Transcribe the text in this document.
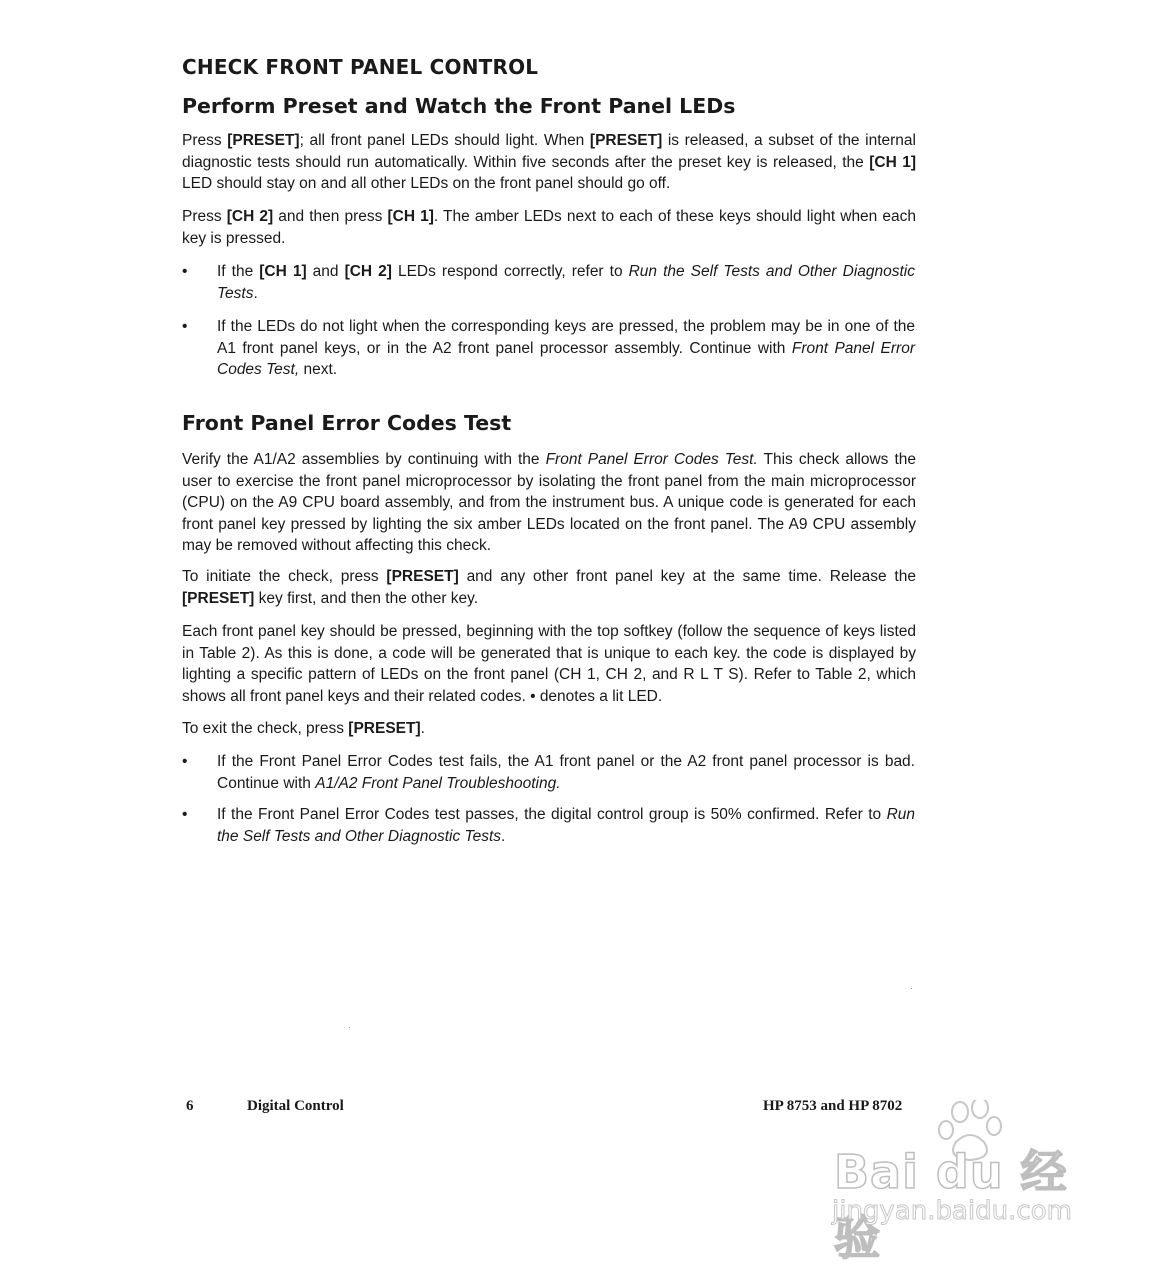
CHECK FRONT PANEL CONTROL
Perform Preset and Watch the Front Panel LEDs

Press [PRESET]; all front panel LEDs should light. When [PRESET] is released, a subset of the internal diagnostic tests should run automatically. Within five seconds after the preset key is released, the [CH 1] LED should stay on and all other LEDs on the front panel should go off.

Press [CH 2] and then press [CH 1]. The amber LEDs next to each of these keys should light when each key is pressed.

•	If the [CH 1] and [CH 2] LEDs respond correctly, refer to Run the Self Tests and Other Diagnostic Tests.
•	If the LEDs do not light when the corresponding keys are pressed, the problem may be in one of the A1 front panel keys, or in the A2 front panel processor assembly. Continue with Front Panel Error Codes Test, next.
Front Panel Error Codes Test

Verify the A1/A2 assemblies by continuing with the Front Panel Error Codes Test. This check allows the user to exercise the front panel microprocessor by isolating the front panel from the main microprocessor (CPU) on the A9 CPU board assembly, and from the instrument bus. A unique code is generated for each front panel key pressed by lighting the six amber LEDs located on the front panel. The A9 CPU assembly may be removed without affecting this check.

To initiate the check, press [PRESET] and any other front panel key at the same time. Release the [PRESET] key first, and then the other key.

Each front panel key should be pressed, beginning with the top softkey (follow the sequence of keys listed in Table 2). As this is done, a code will be generated that is unique to each key. the code is displayed by lighting a specific pattern of LEDs on the front panel (CH 1, CH 2, and R L T S). Refer to Table 2, which shows all front panel keys and their related codes. • denotes a lit LED.

To exit the check, press [PRESET].

•	If the Front Panel Error Codes test fails, the A1 front panel or the A2 front panel processor is bad. Continue with A1/A2 Front Panel Troubleshooting.
•	If the Front Panel Error Codes test passes, the digital control group is 50% confirmed. Refer to Run the Self Tests and Other Diagnostic Tests.
6	Digital Control	HP 8753 and HP 8702
Bai du 经验
jingyan.baidu.com
